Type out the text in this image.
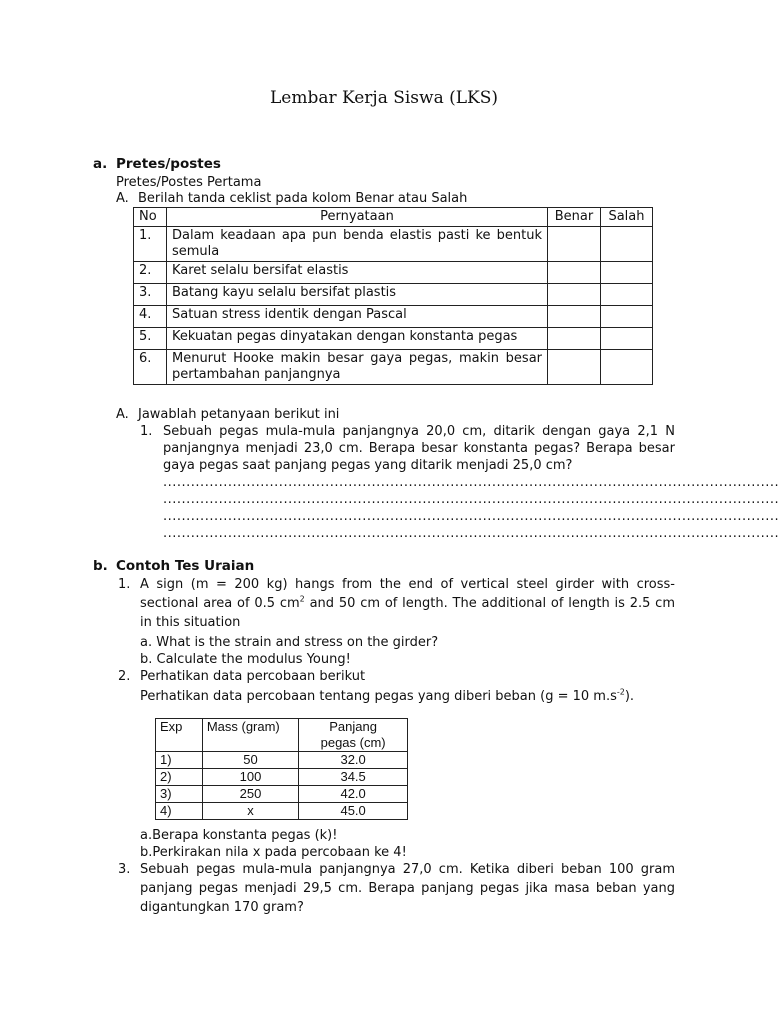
Lembar Kerja Siswa (LKS)
a. Pretes/postes
Pretes/Postes Pertama
A. Berilah tanda ceklist pada kolom Benar atau Salah
No	Pernyataan	Benar	Salah
1.	Dalam keadaan apa pun benda elastis pasti ke bentuk semula		
2.	Karet selalu bersifat elastis		
3.	Batang kayu selalu bersifat plastis		
4.	Satuan stress identik dengan Pascal		
5.	Kekuatan pegas dinyatakan dengan konstanta pegas		
6.	Menurut Hooke makin besar gaya pegas, makin besar pertambahan panjangnya		
A. Jawablah petanyaan berikut ini
1. Sebuah pegas mula-mula panjangnya 20,0 cm, ditarik dengan gaya 2,1 N panjangnya menjadi 23,0 cm. Berapa besar konstanta pegas? Berapa besar gaya pegas saat panjang pegas yang ditarik menjadi 25,0 cm?
.....................................................................................................................................
.....................................................................................................................................
.....................................................................................................................................
.....................................................................................................................................
b. Contoh Tes Uraian
1. A sign (m = 200 kg) hangs from the end of vertical steel girder with cross-sectional area of 0.5 $cm^2$ and 50 cm of length. The additional of length is 2.5 cm in this situation
a. What is the strain and stress on the girder?
b. Calculate the modulus Young!
2. Perhatikan data percobaan berikut
Perhatikan data percobaan tentang pegas yang diberi beban (g = 10 $m.s^{-2}$).
Exp	Mass (gram)	Panjang pegas (cm)
1)	50	32.0
2)	100	34.5
3)	250	42.0
4)	x	45.0
a.Berapa konstanta pegas (k)!
b.Perkirakan nila x pada percobaan ke 4!
3. Sebuah pegas mula-mula panjangnya 27,0 cm. Ketika diberi beban 100 gram panjang pegas menjadi 29,5 cm. Berapa panjang pegas jika masa beban yang digantungkan 170 gram?
